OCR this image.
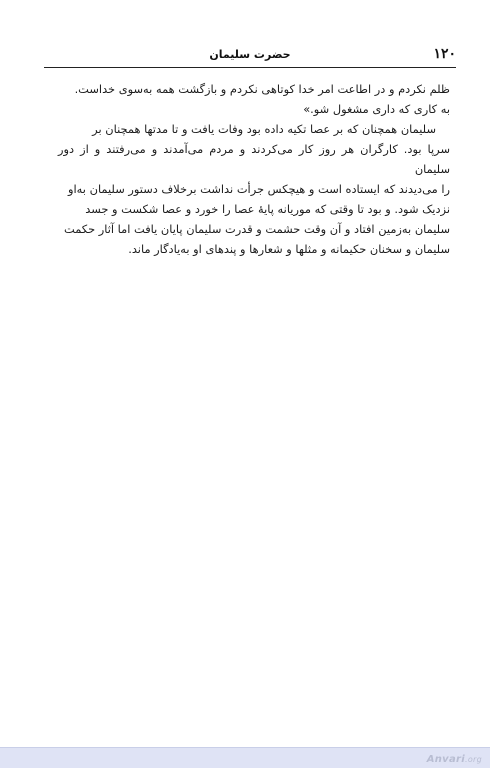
۱۲۰
حضرت سلیمان

ظلم نکردم و در اطاعت امر خدا کوتاهی نکردم و بازگشت همه به‌سوی خداست.

به کاری که داری مشغول شو.»

سلیمان همچنان که بر عصا تکیه داده بود وفات یافت و تا مدتها همچنان بر

سرپا بود. کارگران هر روز کار می‌کردند و مردم می‌آمدند و می‌رفتند و از دور سلیمان

را می‌دیدند که ایستاده است و هیچکس جرأت نداشت برخلاف دستور سلیمان به‌او

نزدیک شود. و بود تا وقتی که موریانه پایهٔ عصا را خورد و عصا شکست و جسد

سلیمان به‌زمین افتاد و آن وقت حشمت و قدرت سلیمان پایان یافت اما آثار حکمت

سلیمان و سخنان حکیمانه و مثلها و شعارها و پندهای او به‌یادگار ماند.

Anvari.org
